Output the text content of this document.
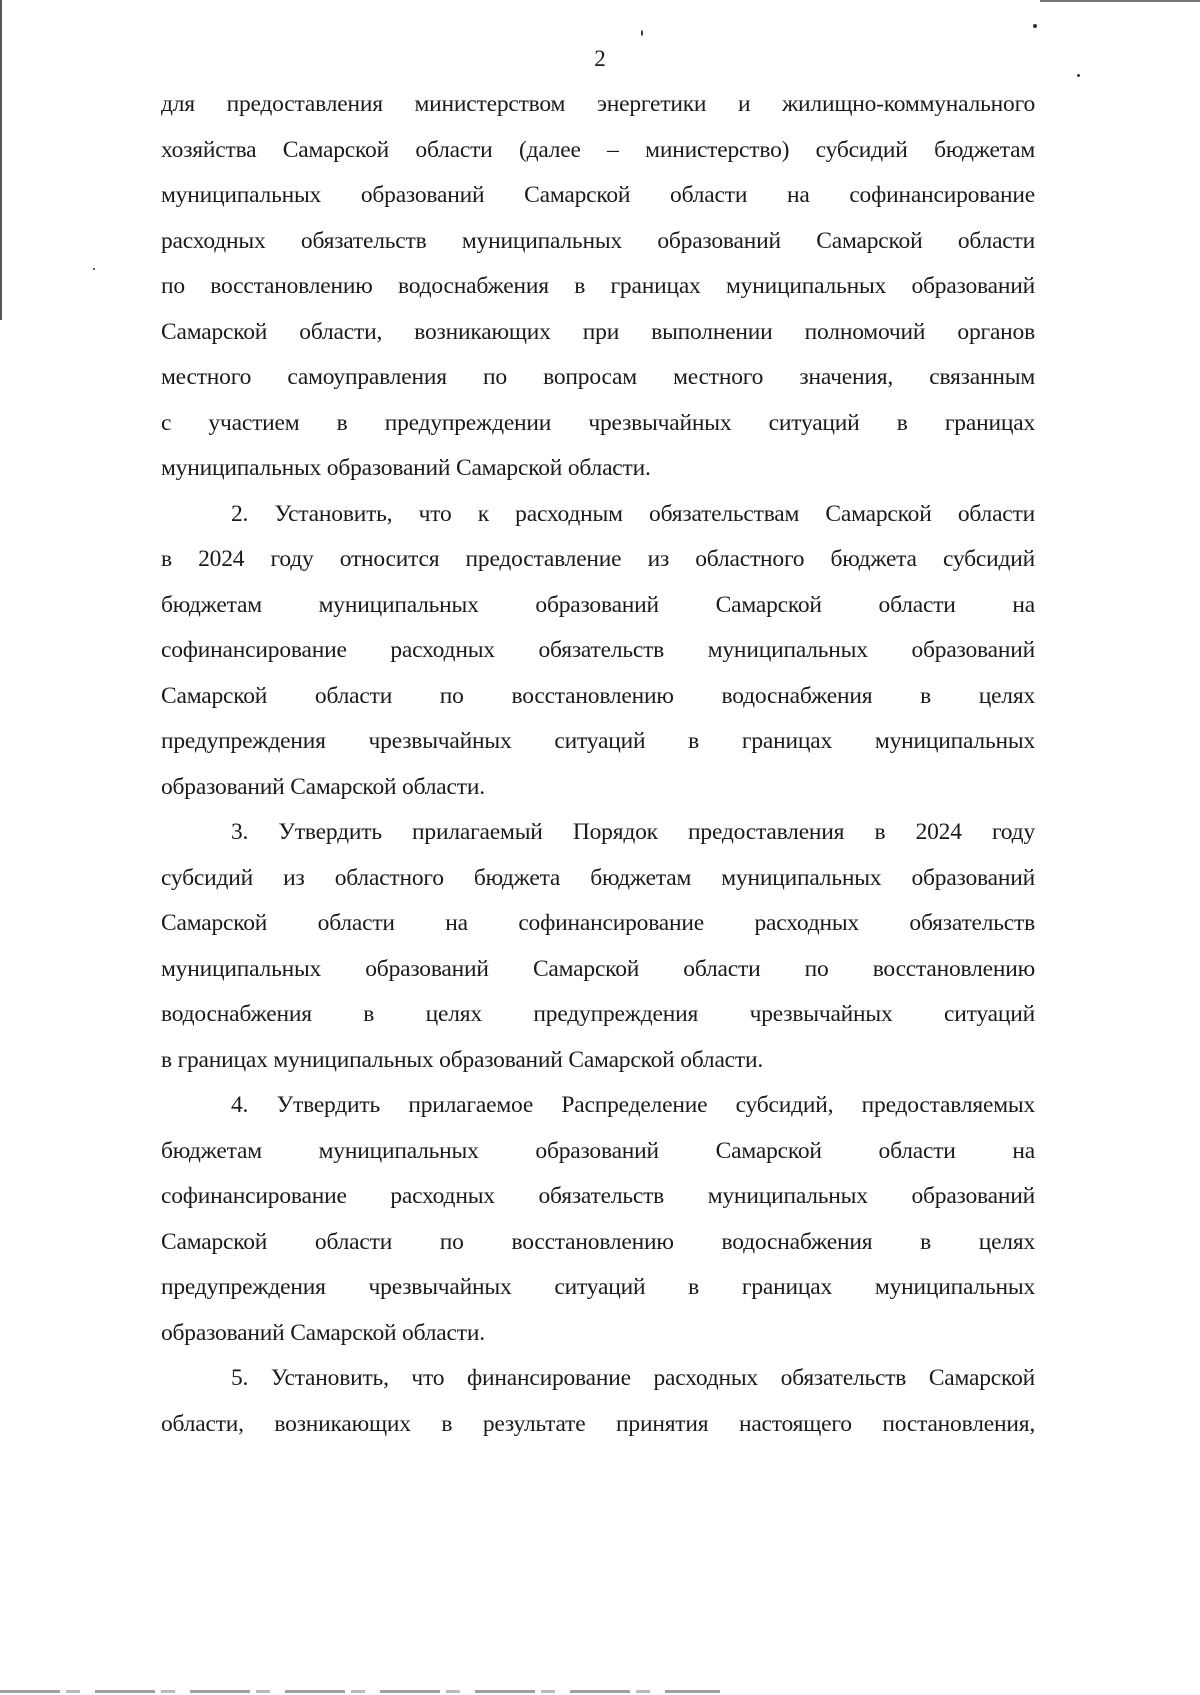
2
для предоставления министерством энергетики и жилищно-коммунального
хозяйства Самарской области (далее – министерство) субсидий бюджетам
муниципальных образований Самарской области на софинансирование
расходных обязательств муниципальных образований Самарской области
по восстановлению водоснабжения в границах муниципальных образований
Самарской области, возникающих при выполнении полномочий органов
местного самоуправления по вопросам местного значения, связанным
с участием в предупреждении чрезвычайных ситуаций в границах
муниципальных образований Самарской области.
2. Установить, что к расходным обязательствам Самарской области
в 2024 году относится предоставление из областного бюджета субсидий
бюджетам муниципальных образований Самарской области на
софинансирование расходных обязательств муниципальных образований
Самарской области по восстановлению водоснабжения в целях
предупреждения чрезвычайных ситуаций в границах муниципальных
образований Самарской области.
3. Утвердить прилагаемый Порядок предоставления в 2024 году
субсидий из областного бюджета бюджетам муниципальных образований
Самарской области на софинансирование расходных обязательств
муниципальных образований Самарской области по восстановлению
водоснабжения в целях предупреждения чрезвычайных ситуаций
в границах муниципальных образований Самарской области.
4. Утвердить прилагаемое Распределение субсидий, предоставляемых
бюджетам муниципальных образований Самарской области на
софинансирование расходных обязательств муниципальных образований
Самарской области по восстановлению водоснабжения в целях
предупреждения чрезвычайных ситуаций в границах муниципальных
образований Самарской области.
5. Установить, что финансирование расходных обязательств Самарской
области, возникающих в результате принятия настоящего постановления,
